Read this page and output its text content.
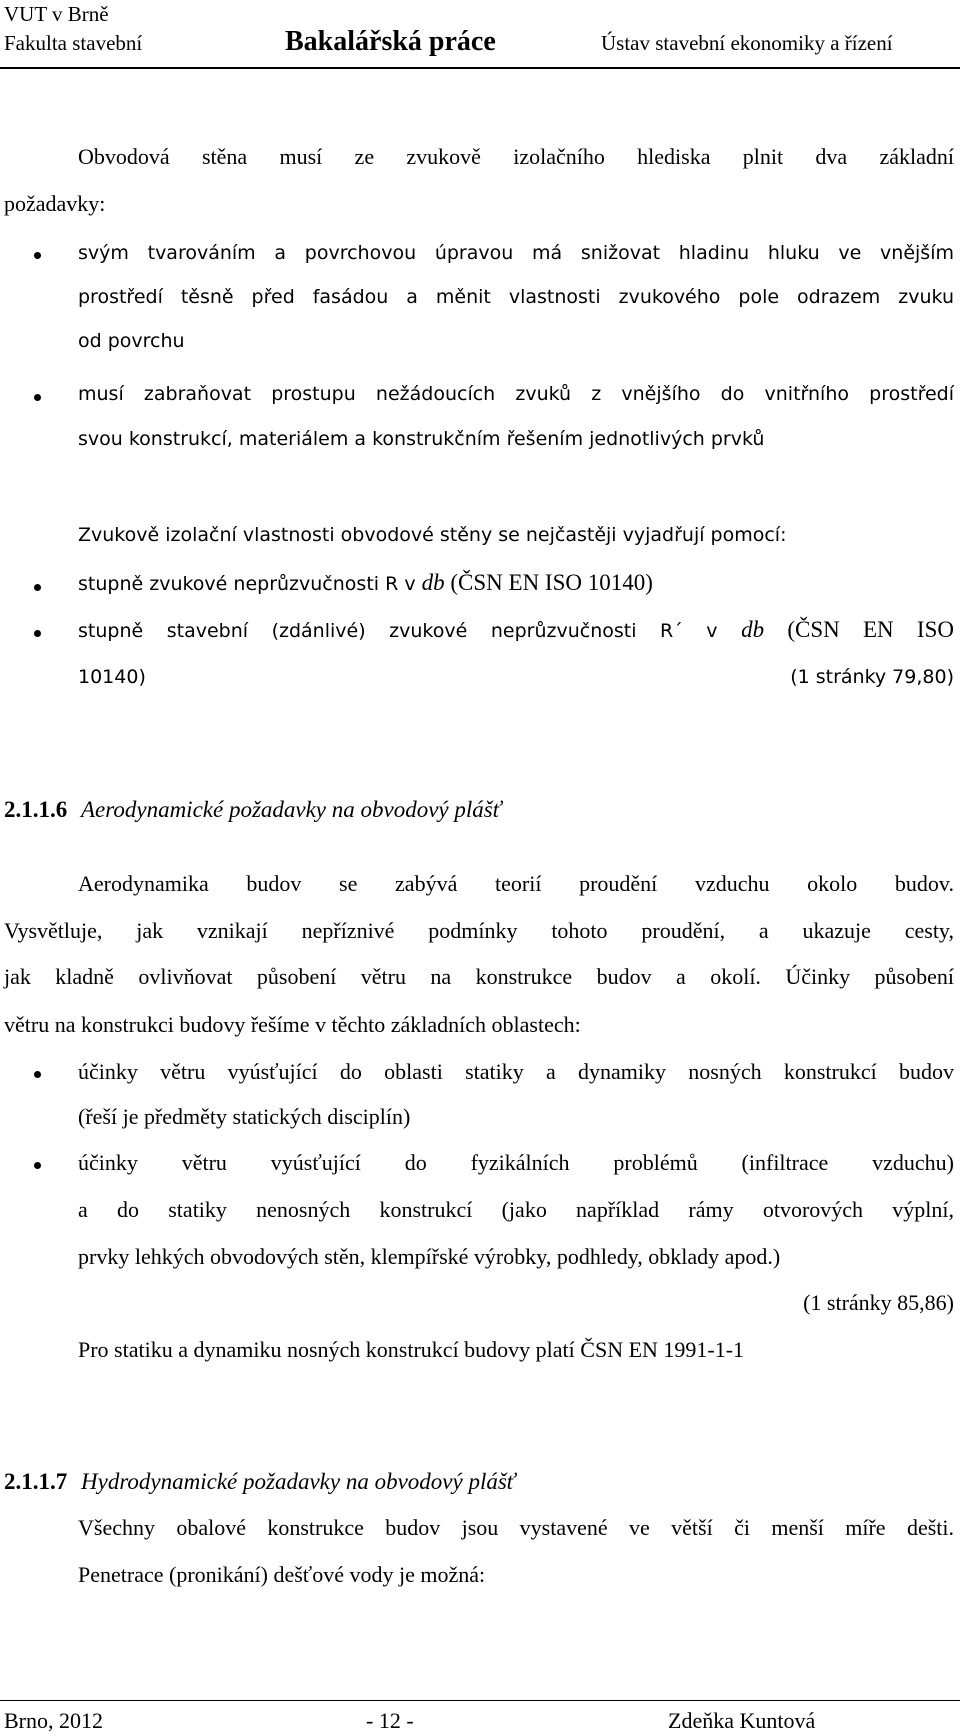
VUT v Brně
Fakulta stavební	Bakalářská práce	Ústav stavební ekonomiky a řízení
Obvodová stěna musí ze zvukově izolačního hlediska plnit dva základní
požadavky:
svým tvarováním a povrchovou úpravou má snižovat hladinu hluku ve vnějším
prostředí těsně před fasádou a měnit vlastnosti zvukového pole odrazem zvuku
od povrchu
musí zabraňovat prostupu nežádoucích zvuků z vnějšího do vnitřního prostředí
svou konstrukcí, materiálem a konstrukčním řešením jednotlivých prvků
Zvukově izolační vlastnosti obvodové stěny se nejčastěji vyjadřují pomocí:
stupně zvukové neprůzvučnosti R v db (ČSN EN ISO 10140)
stupně stavební (zdánlivé) zvukové neprůzvučnosti R´ v db (ČSN EN ISO
10140)	(1 stránky 79,80)
2.1.1.6 Aerodynamické požadavky na obvodový plášť
Aerodynamika budov se zabývá teorií proudění vzduchu okolo budov.
Vysvětluje, jak vznikají nepříznivé podmínky tohoto proudění, a ukazuje cesty,
jak kladně ovlivňovat působení větru na konstrukce budov a okolí. Účinky působení
větru na konstrukci budovy řešíme v těchto základních oblastech:
účinky větru vyúsťující do oblasti statiky a dynamiky nosných konstrukcí budov
(řeší je předměty statických disciplín)
účinky větru vyúsťující do fyzikálních problémů (infiltrace vzduchu)
a do statiky nenosných konstrukcí (jako například rámy otvorových výplní,
prvky lehkých obvodových stěn, klempířské výrobky, podhledy, obklady apod.)
(1 stránky 85,86)
Pro statiku a dynamiku nosných konstrukcí budovy platí ČSN EN 1991-1-1
2.1.1.7 Hydrodynamické požadavky na obvodový plášť
Všechny obalové konstrukce budov jsou vystavené ve větší či menší míře dešti.
Penetrace (pronikání) dešťové vody je možná:
Brno, 2012	- 12 -	Zdeňka Kuntová
